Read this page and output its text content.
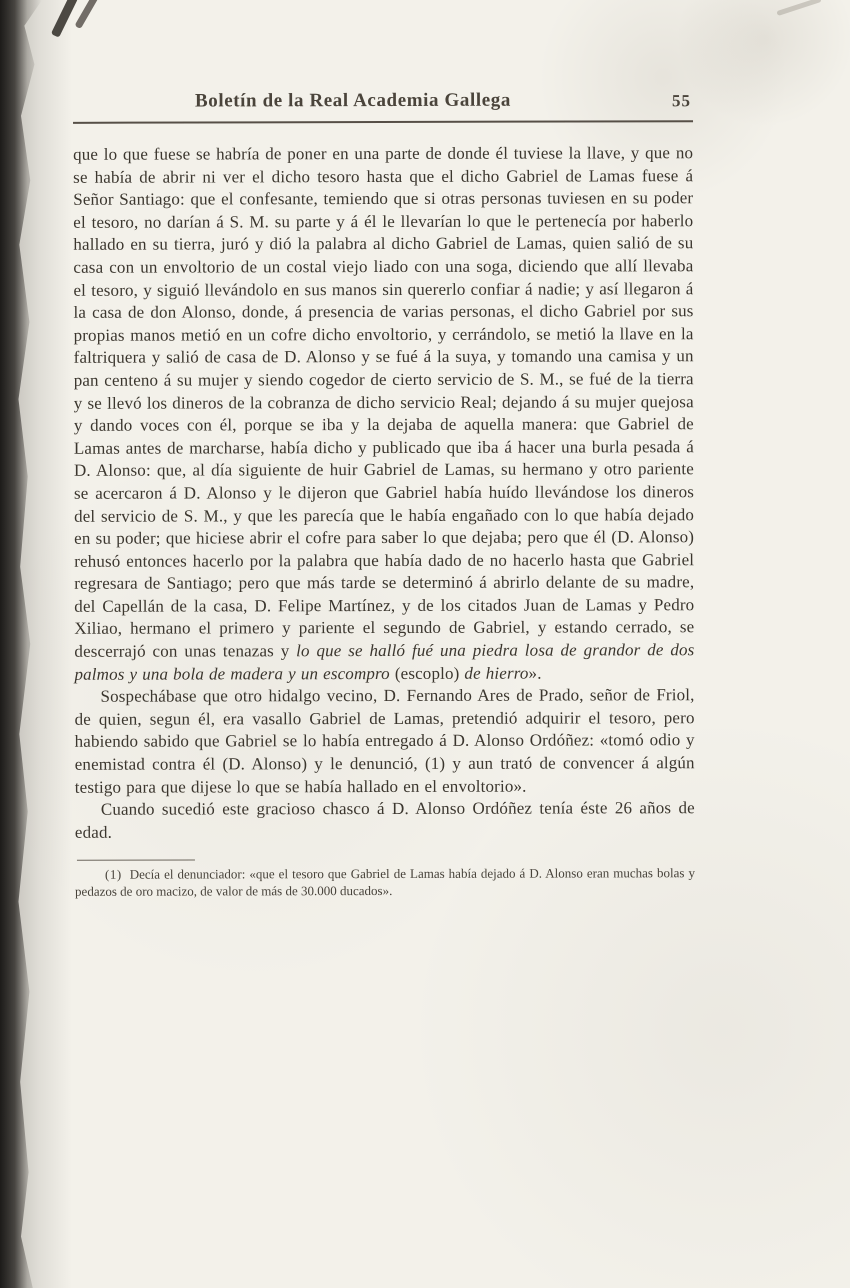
Boletín de la Real Academia Gallega	55

que lo que fuese se habría de poner en una parte de donde él tuviese la llave, y que no se había de abrir ni ver el dicho tesoro hasta que el dicho Gabriel de Lamas fuese á Señor Santiago: que el confesante, temiendo que si otras personas tuviesen en su poder el tesoro, no darían á S. M. su parte y á él le llevarían lo que le pertenecía por haberlo hallado en su tierra, juró y dió la palabra al dicho Gabriel de Lamas, quien salió de su casa con un envoltorio de un costal viejo liado con una soga, diciendo que allí llevaba el tesoro, y siguió llevándolo en sus manos sin quererlo confiar á nadie; y así llegaron á la casa de don Alonso, donde, á presencia de varias personas, el dicho Gabriel por sus propias manos metió en un cofre dicho envoltorio, y cerrándolo, se metió la llave en la faltriquera y salió de casa de D. Alonso y se fué á la suya, y tomando una camisa y un pan centeno á su mujer y siendo cogedor de cierto servicio de S. M., se fué de la tierra y se llevó los dineros de la cobranza de dicho servicio Real; dejando á su mujer quejosa y dando voces con él, porque se iba y la dejaba de aquella manera: que Gabriel de Lamas antes de marcharse, había dicho y publicado que iba á hacer una burla pesada á D. Alonso: que, al día siguiente de huir Gabriel de Lamas, su hermano y otro pariente se acercaron á D. Alonso y le dijeron que Gabriel había huído llevándose los dineros del servicio de S. M., y que les parecía que le había engañado con lo que había dejado en su poder; que hiciese abrir el cofre para saber lo que dejaba; pero que él (D. Alonso) rehusó entonces hacerlo por la palabra que había dado de no hacerlo hasta que Gabriel regresara de Santiago; pero que más tarde se determinó á abrirlo delante de su madre, del Capellán de la casa, D. Felipe Martínez, y de los citados Juan de Lamas y Pedro Xiliao, hermano el primero y pariente el segundo de Gabriel, y estando cerrado, se descerrajó con unas tenazas y lo que se halló fué una piedra losa de grandor de dos palmos y una bola de madera y un escompro (escoplo) de hierro».

Sospechábase que otro hidalgo vecino, D. Fernando Ares de Prado, señor de Friol, de quien, segun él, era vasallo Gabriel de Lamas, pretendió adquirir el tesoro, pero habiendo sabido que Gabriel se lo había entregado á D. Alonso Ordóñez: «tomó odio y enemistad contra él (D. Alonso) y le denunció, (1) y aun trató de convencer á algún testigo para que dijese lo que se había hallado en el envoltorio».

Cuando sucedió este gracioso chasco á D. Alonso Ordóñez tenía éste 26 años de edad.

(1) Decía el denunciador: «que el tesoro que Gabriel de Lamas había dejado á D. Alonso eran muchas bolas y pedazos de oro macizo, de valor de más de 30.000 ducados».
